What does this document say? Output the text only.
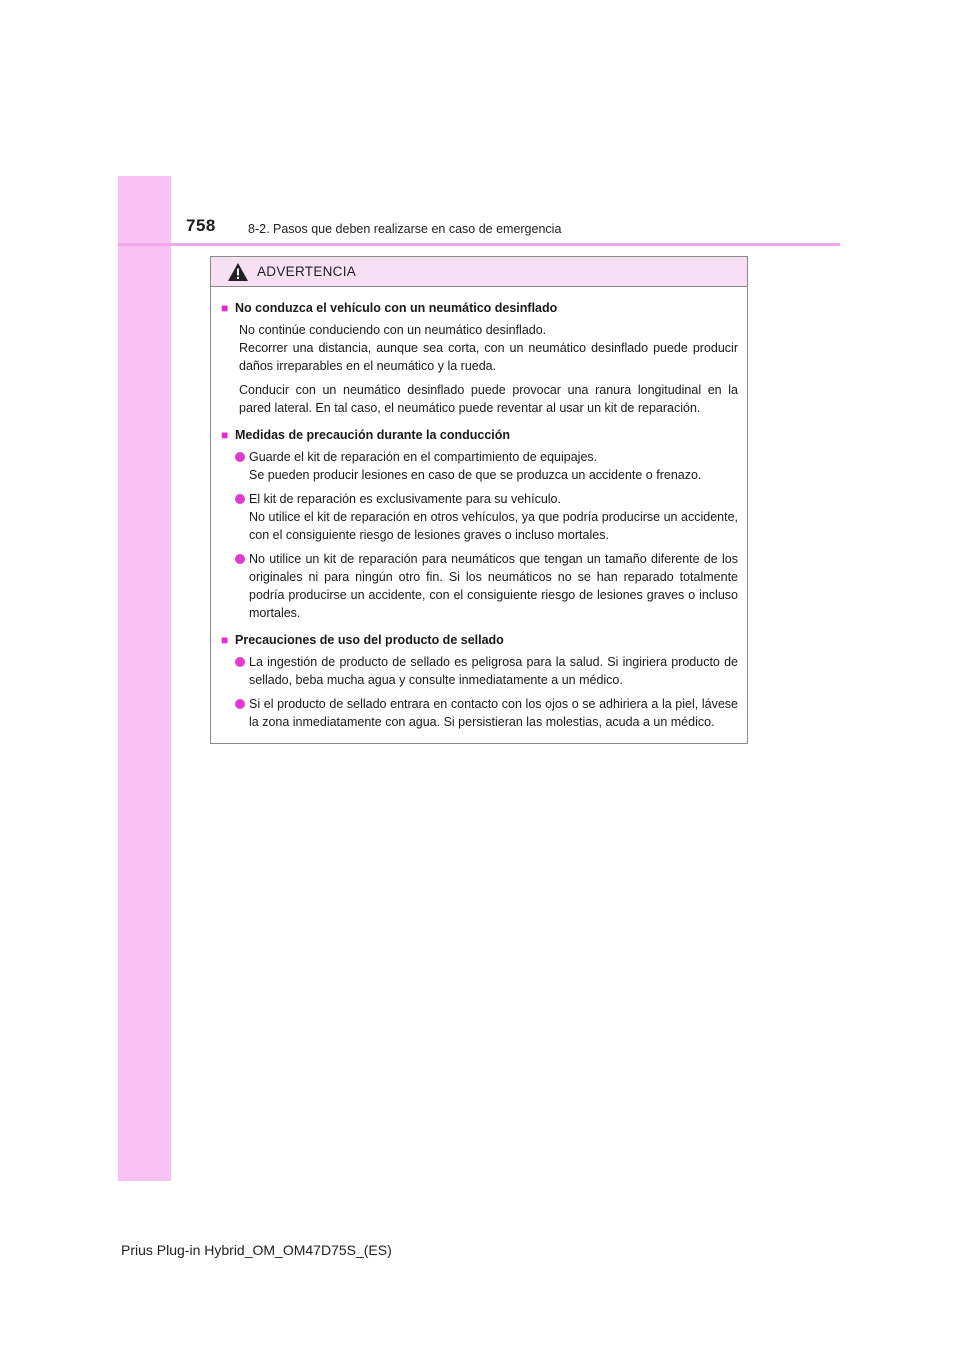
758	8-2. Pasos que deben realizarse en caso de emergencia
ADVERTENCIA
■ No conduzca el vehículo con un neumático desinflado

No continúe conduciendo con un neumático desinflado.
Recorrer una distancia, aunque sea corta, con un neumático desinflado puede producir daños irreparables en el neumático y la rueda.

Conducir con un neumático desinflado puede provocar una ranura longitudinal en la pared lateral. En tal caso, el neumático puede reventar al usar un kit de reparación.

■ Medidas de precaución durante la conducción
Guarde el kit de reparación en el compartimiento de equipajes.
Se pueden producir lesiones en caso de que se produzca un accidente o frenazo.
El kit de reparación es exclusivamente para su vehículo.
No utilice el kit de reparación en otros vehículos, ya que podría producirse un accidente, con el consiguiente riesgo de lesiones graves o incluso mortales.
No utilice un kit de reparación para neumáticos que tengan un tamaño diferente de los originales ni para ningún otro fin. Si los neumáticos no se han reparado totalmente podría producirse un accidente, con el consiguiente riesgo de lesiones graves o incluso mortales.
■ Precauciones de uso del producto de sellado
La ingestión de producto de sellado es peligrosa para la salud. Si ingiriera producto de sellado, beba mucha agua y consulte inmediatamente a un médico.
Si el producto de sellado entrara en contacto con los ojos o se adhiriera a la piel, lávese la zona inmediatamente con agua. Si persistieran las molestias, acuda a un médico.
Prius Plug-in Hybrid_OM_OM47D75S_(ES)
